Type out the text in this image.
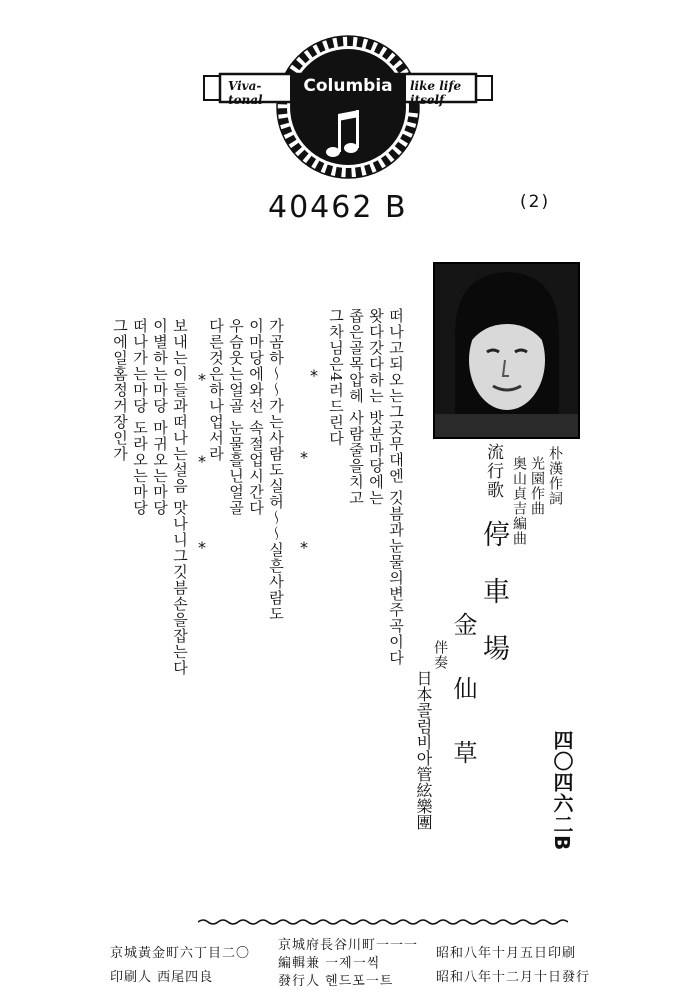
Viva-tonal
Columbia	like life itself
40462 B	(2)
朴漢作詞
光園作曲
奥山貞吉編曲
流行歌
停車場
金仙草
伴奏
日本콜럼비아管絃樂團	四〇四六二B
떠나고되오는그곳무대엔 깃븜과눈물의변주곡이다
왓다갓다하는 밧분마당에는
좁은골목압헤 사람줄을치고
그차님은4러드린다
*
*
*
가곰하〜〜가는사람도실허〜〜실흔사람도
이마당에와선 속절업시간다
우슴웃는얼골 눈물흘닌얼골
다른것은하나업서라
*
*
*
보내는이들과떠나는설음 맛나니그깃븜손을잡는다
이별하는마당 마귀오는마당
떠나가는마당 도라오는마당
그에일홈정거장인가
昭和八年十月五日印刷
昭和八年十二月十日發行
京城府長谷川町一一一
編輯兼 一제一씩
發行人 헨드포一트
京城黃金町六丁目二〇
印刷人 西尾四良
